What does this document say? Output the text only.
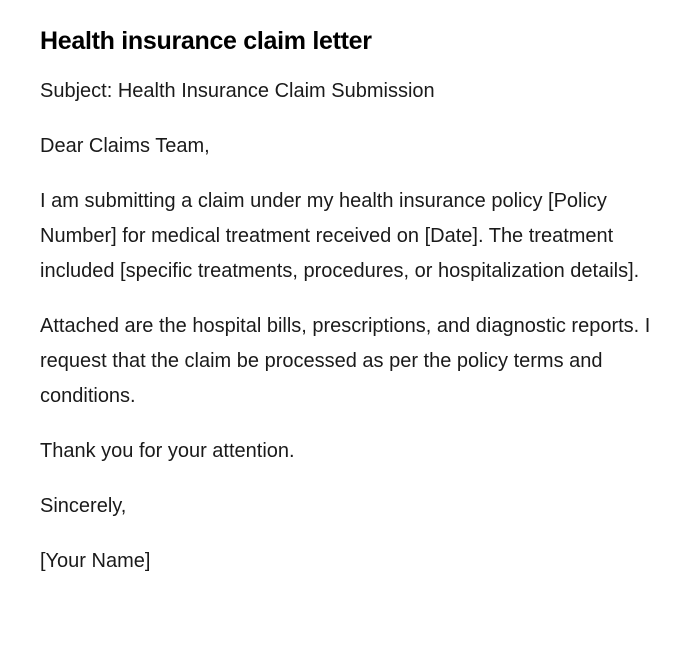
Health insurance claim letter

Subject: Health Insurance Claim Submission

Dear Claims Team,

I am submitting a claim under my health insurance policy [Policy Number] for medical treatment received on [Date]. The treatment included [specific treatments, procedures, or hospitalization details].

Attached are the hospital bills, prescriptions, and diagnostic reports. I request that the claim be processed as per the policy terms and conditions.

Thank you for your attention.

Sincerely,

[Your Name]
